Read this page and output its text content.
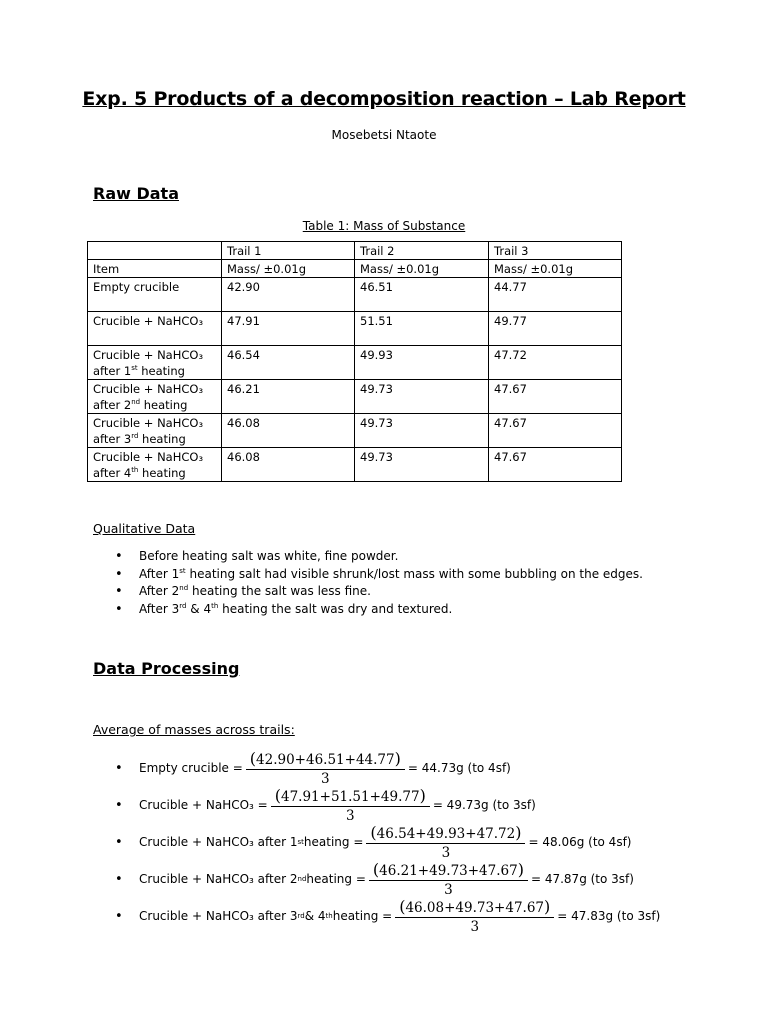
Exp. 5 Products of a decomposition reaction – Lab Report
Mosebetsi Ntaote
Raw Data
Table 1: Mass of Substance
	Trail 1	Trail 2	Trail 3
Item	Mass/ ±0.01g	Mass/ ±0.01g	Mass/ ±0.01g
Empty crucible	42.90	46.51	44.77
Crucible + NaHCO₃	47.91	51.51	49.77
Crucible + NaHCO₃
after 1st heating	46.54	49.93	47.72
Crucible + NaHCO₃
after 2nd heating	46.21	49.73	47.67
Crucible + NaHCO₃
after 3rd heating	46.08	49.73	47.67
Crucible + NaHCO₃
after 4th heating	46.08	49.73	47.67
Qualitative Data
• Before heating salt was white, fine powder.
• After 1st heating salt had visible shrunk/lost mass with some bubbling on the edges.
• After 2nd heating the salt was less fine.
• After 3rd & 4th heating the salt was dry and textured.
Data Processing
Average of masses across trails:
•	Empty crucible = $\frac{(42.90+46.51+44.77)}{3} = 44.73g$ (to 4sf)
•	Crucible + NaHCO₃ = $\frac{(47.91+51.51+49.77)}{3} = 49.73g$ (to 3sf)
•	Crucible + NaHCO₃ after 1 st heating = $\frac{(46.54+49.93+47.72)}{3} = 48.06g$ (to 4sf)
•	Crucible + NaHCO₃ after 2 nd heating = $\frac{(46.21+49.73+47.67)}{3} = 47.87g$ (to 3sf)
•	Crucible + NaHCO₃ after 3 rd & 4 th heating = $\frac{(46.08+49.73+47.67)}{3} = 47.83g$ (to 3sf)
